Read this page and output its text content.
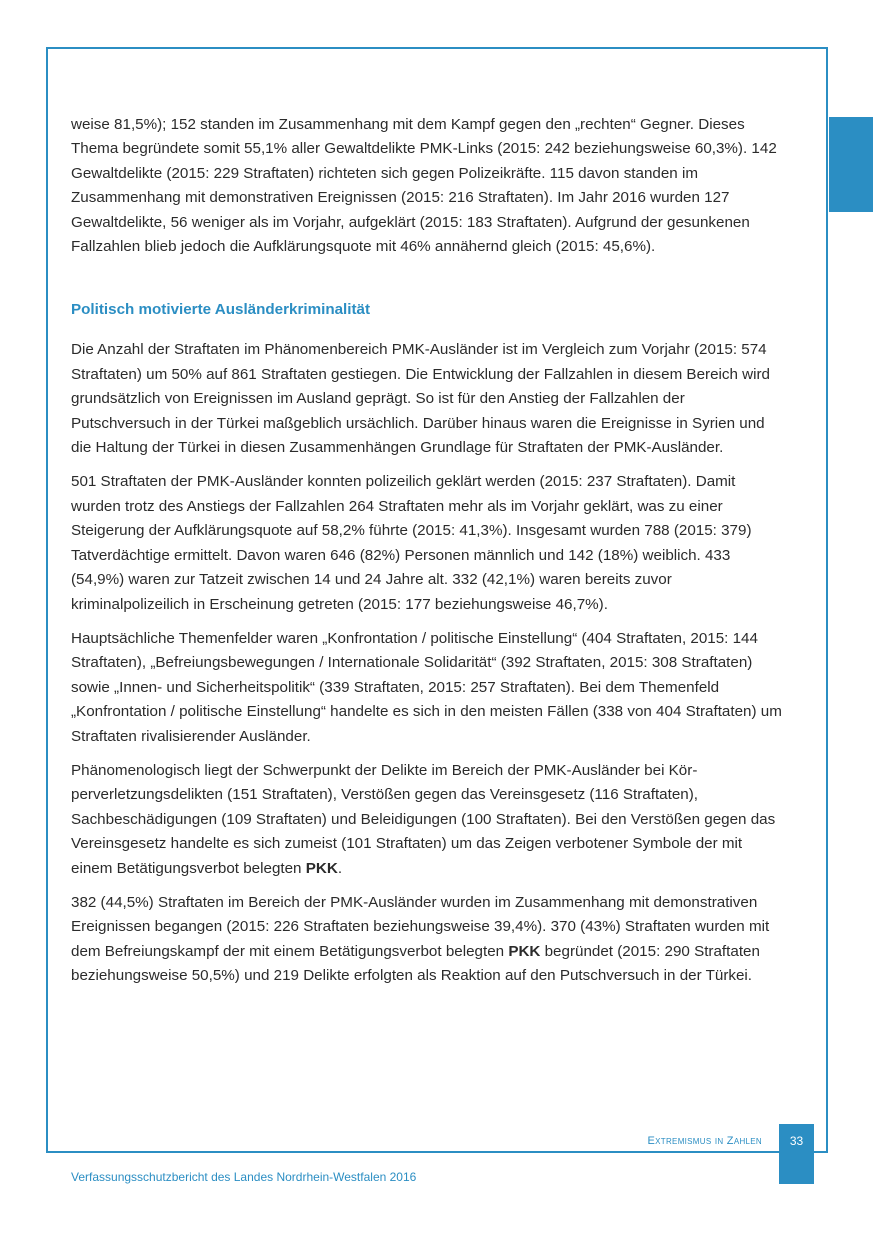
weise 81,5%); 152 standen im Zusammenhang mit dem Kampf gegen den „rechten“ Gegner. Dieses Thema begründete somit 55,1% aller Gewaltdelikte PMK-Links (2015: 242 beziehungsweise 60,3%). 142 Gewaltdelikte (2015: 229 Straftaten) richteten sich gegen Polizeikräfte. 115 davon standen im Zusammenhang mit demonstrativen Ereignissen (2015: 216 Straftaten). Im Jahr 2016 wurden 127 Gewaltdelikte, 56 weniger als im Vorjahr, aufgeklärt (2015: 183 Straftaten). Aufgrund der gesunkenen Fallzahlen blieb jedoch die Aufklärungsquote mit 46% annähernd gleich (2015: 45,6%).

Politisch motivierte Ausländerkriminalität

Die Anzahl der Straftaten im Phänomenbereich PMK-Ausländer ist im Vergleich zum Vorjahr (2015: 574 Straftaten) um 50% auf 861 Straftaten gestiegen. Die Entwicklung der Fallzahlen in diesem Bereich wird grundsätzlich von Ereignissen im Ausland geprägt. So ist für den Anstieg der Fallzahlen der Putschversuch in der Türkei maßgeblich ursächlich. Darüber hinaus waren die Ereignisse in Syrien und die Haltung der Türkei in diesen Zusammenhängen Grundlage für Straftaten der PMK-Ausländer.

501 Straftaten der PMK-Ausländer konnten polizeilich geklärt werden (2015: 237 Straftaten). Damit wurden trotz des Anstiegs der Fallzahlen 264 Straftaten mehr als im Vorjahr geklärt, was zu einer Steigerung der Aufklärungsquote auf 58,2% führte (2015: 41,3%). Insgesamt wurden 788 (2015: 379) Tatverdächtige ermittelt. Davon waren 646 (82%) Personen männlich und 142 (18%) weiblich. 433 (54,9%) waren zur Tatzeit zwischen 14 und 24 Jahre alt. 332 (42,1%) waren bereits zuvor kriminalpolizeilich in Erscheinung getreten (2015: 177 beziehungsweise 46,7%).

Hauptsächliche Themenfelder waren „Konfrontation / politische Einstellung“ (404 Straftaten, 2015: 144 Straftaten), „Befreiungsbewegungen / Internationale Solidarität“ (392 Straftaten, 2015: 308 Straftaten) sowie „Innen- und Sicherheitspolitik“ (339 Straftaten, 2015: 257 Straftaten). Bei dem Themenfeld „Konfrontation / politische Einstellung“ handelte es sich in den meisten Fällen (338 von 404 Straftaten) um Straftaten rivalisierender Ausländer.

Phänomenologisch liegt der Schwerpunkt der Delikte im Bereich der PMK-Ausländer bei Körperverletzungsdelikten (151 Straftaten), Verstößen gegen das Vereinsgesetz (116 Straftaten), Sachbeschädigungen (109 Straftaten) und Beleidigungen (100 Straftaten). Bei den Verstößen gegen das Vereinsgesetz handelte es sich zumeist (101 Straftaten) um das Zeigen verbotener Symbole der mit einem Betätigungsverbot belegten PKK.

382 (44,5%) Straftaten im Bereich der PMK-Ausländer wurden im Zusammenhang mit demonstrativen Ereignissen begangen (2015: 226 Straftaten beziehungsweise 39,4%). 370 (43%) Straftaten wurden mit dem Befreiungskampf der mit einem Betätigungsverbot belegten PKK begründet (2015: 290 Straftaten beziehungsweise 50,5%) und 219 Delikte erfolgten als Reaktion auf den Putschversuch in der Türkei.

Extremismus in Zahlen	33
Verfassungsschutzbericht des Landes Nordrhein-Westfalen 2016
